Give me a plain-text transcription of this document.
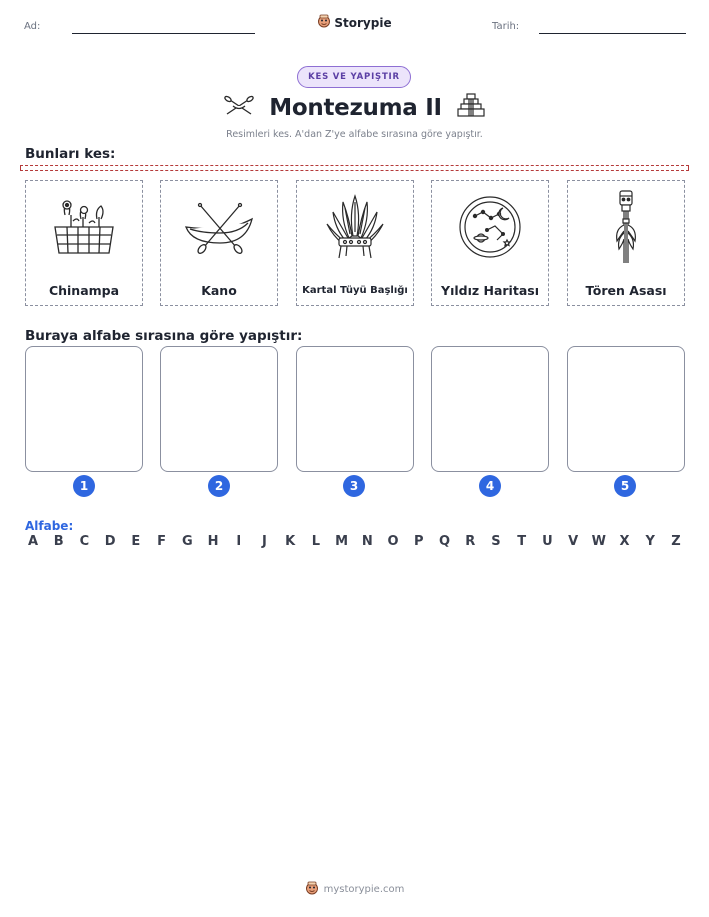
Ad:	Storypie	Tarih:
KES VE YAPIŞTIR
Montezuma II
Resimleri kes. A'dan Z'ye alfabe sırasına göre yapıştır.
Bunları kes:
Chinampa	Kano	Kartal Tüyü Başlığı	Yıldız Haritası	Tören Asası
Buraya alfabe sırasına göre yapıştır:
1	2	3	4	5
Alfabe:
A B C D E F G H	I	J	K L M N O P Q R S T U V W X Y Z
mystorypie.com
